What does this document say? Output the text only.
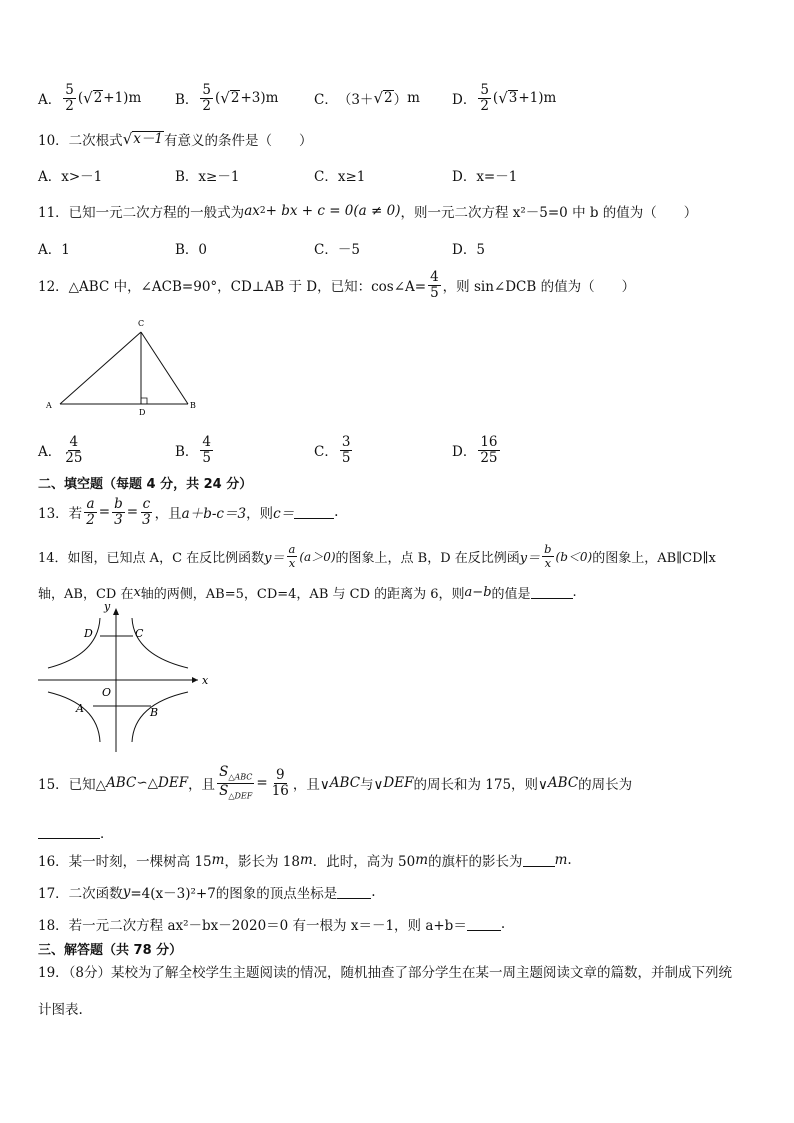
A． $\frac{5}{2}$ ( √ 2 +1) m B． $\frac{5}{2}$ ( √ 2 +3) m	C． （3＋ √ 2 ） m D． $\frac{5}{2}$ ( √ 3 +1) m
10．二次根式 √ x－1 有意义的条件是（　　）
A．x>－1	B．x≥－1	C．x≥1	D．x=－1
11．已知一元二次方程的一般式为 ax 2 + bx + c = 0(a ≠ 0) ，则一元二次方程 x²－5=0 中 b 的值为（　　）
A．1	B．0	C．－5	D．5
12．△ABC 中，∠ACB=90°，CD⊥AB 于 D，已知：cos∠A= $\frac{4}{5}$ ，则 sin∠DCB 的值为（　　）
A	B
C
D
A． $\frac{4}{25}$	B． $\frac{4}{5}$	C． $\frac{3}{5}$	D． $\frac{16}{25}$
二、填空题（每题 4 分，共 24 分）
13．若 $\frac{a}{2} = \frac{b}{3} = \frac{c}{3}$ ，且 a＋b-c＝3 ，则 c＝	.
14．如图，已知点 A，C 在反比例函数 $y= \frac{a}{x} (a>0)$ 的图象上，点 B，D 在反比例函 $y= \frac{b}{x} (b<0)$ 的图象上，AB∥CD∥x
轴，AB，CD 在 x 轴的两侧，AB=5，CD=4，AB 与 CD 的距离为 6，则 a−b 的值是	.
y
x
O
D	C
A	B
15．已知△ ABC ∽△ DEF ，且 $\frac{S_{\triangle ABC}}{S_{\triangle DEF}} = \frac{9}{16}$ ，且∨ ABC 与∨ DEF 的周长和为 175，则∨ ABC 的周长为
．
16．某一时刻，一棵树高 15 m ，影长为 18 m ．此时，高为 50 m 的旗杆的影长为 m .
17．二次函数 y =4(x－3)²+7 的图象的顶点坐标是	.
18．若一元二次方程 ax²－bx－2020＝0 有一根为 x＝－1，则 a+b＝	.
三、解答题（共 78 分）
19．（8分）某校为了解全校学生主题阅读的情况，随机抽查了部分学生在某一周主题阅读文章的篇数，并制成下列统
计图表.
